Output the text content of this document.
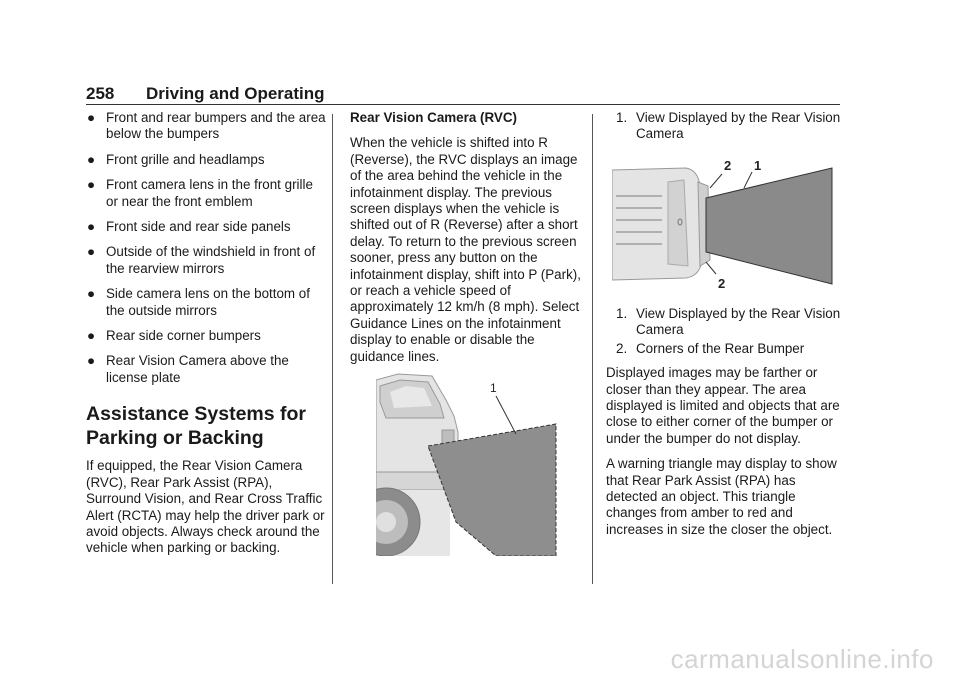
258 Driving and Operating
● Front and rear bumpers and the area below the bumpers
● Front grille and headlamps
● Front camera lens in the front grille or near the front emblem
● Front side and rear side panels
● Outside of the windshield in front of the rearview mirrors
● Side camera lens on the bottom of the outside mirrors
● Rear side corner bumpers
● Rear Vision Camera above the license plate
Assistance Systems for Parking or Backing
If equipped, the Rear Vision Camera (RVC), Rear Park Assist (RPA), Surround Vision, and Rear Cross Traffic Alert (RCTA) may help the driver park or avoid objects. Always check around the vehicle when parking or backing.
Rear Vision Camera (RVC)
When the vehicle is shifted into R (Reverse), the RVC displays an image of the area behind the vehicle in the infotainment display. The previous screen displays when the vehicle is shifted out of R (Reverse) after a short delay. To return to the previous screen sooner, press any button on the infotainment display, shift into P (Park), or reach a vehicle speed of approximately 12 km/h (8 mph). Select Guidance Lines on the infotainment display to enable or disable the guidance lines.
1
1. View Displayed by the Rear Vision Camera
2 1
2
1. View Displayed by the Rear Vision Camera
2. Corners of the Rear Bumper
Displayed images may be farther or closer than they appear. The area displayed is limited and objects that are close to either corner of the bumper or under the bumper do not display.
A warning triangle may display to show that Rear Park Assist (RPA) has detected an object. This triangle changes from amber to red and increases in size the closer the object.
carmanualsonline.info
